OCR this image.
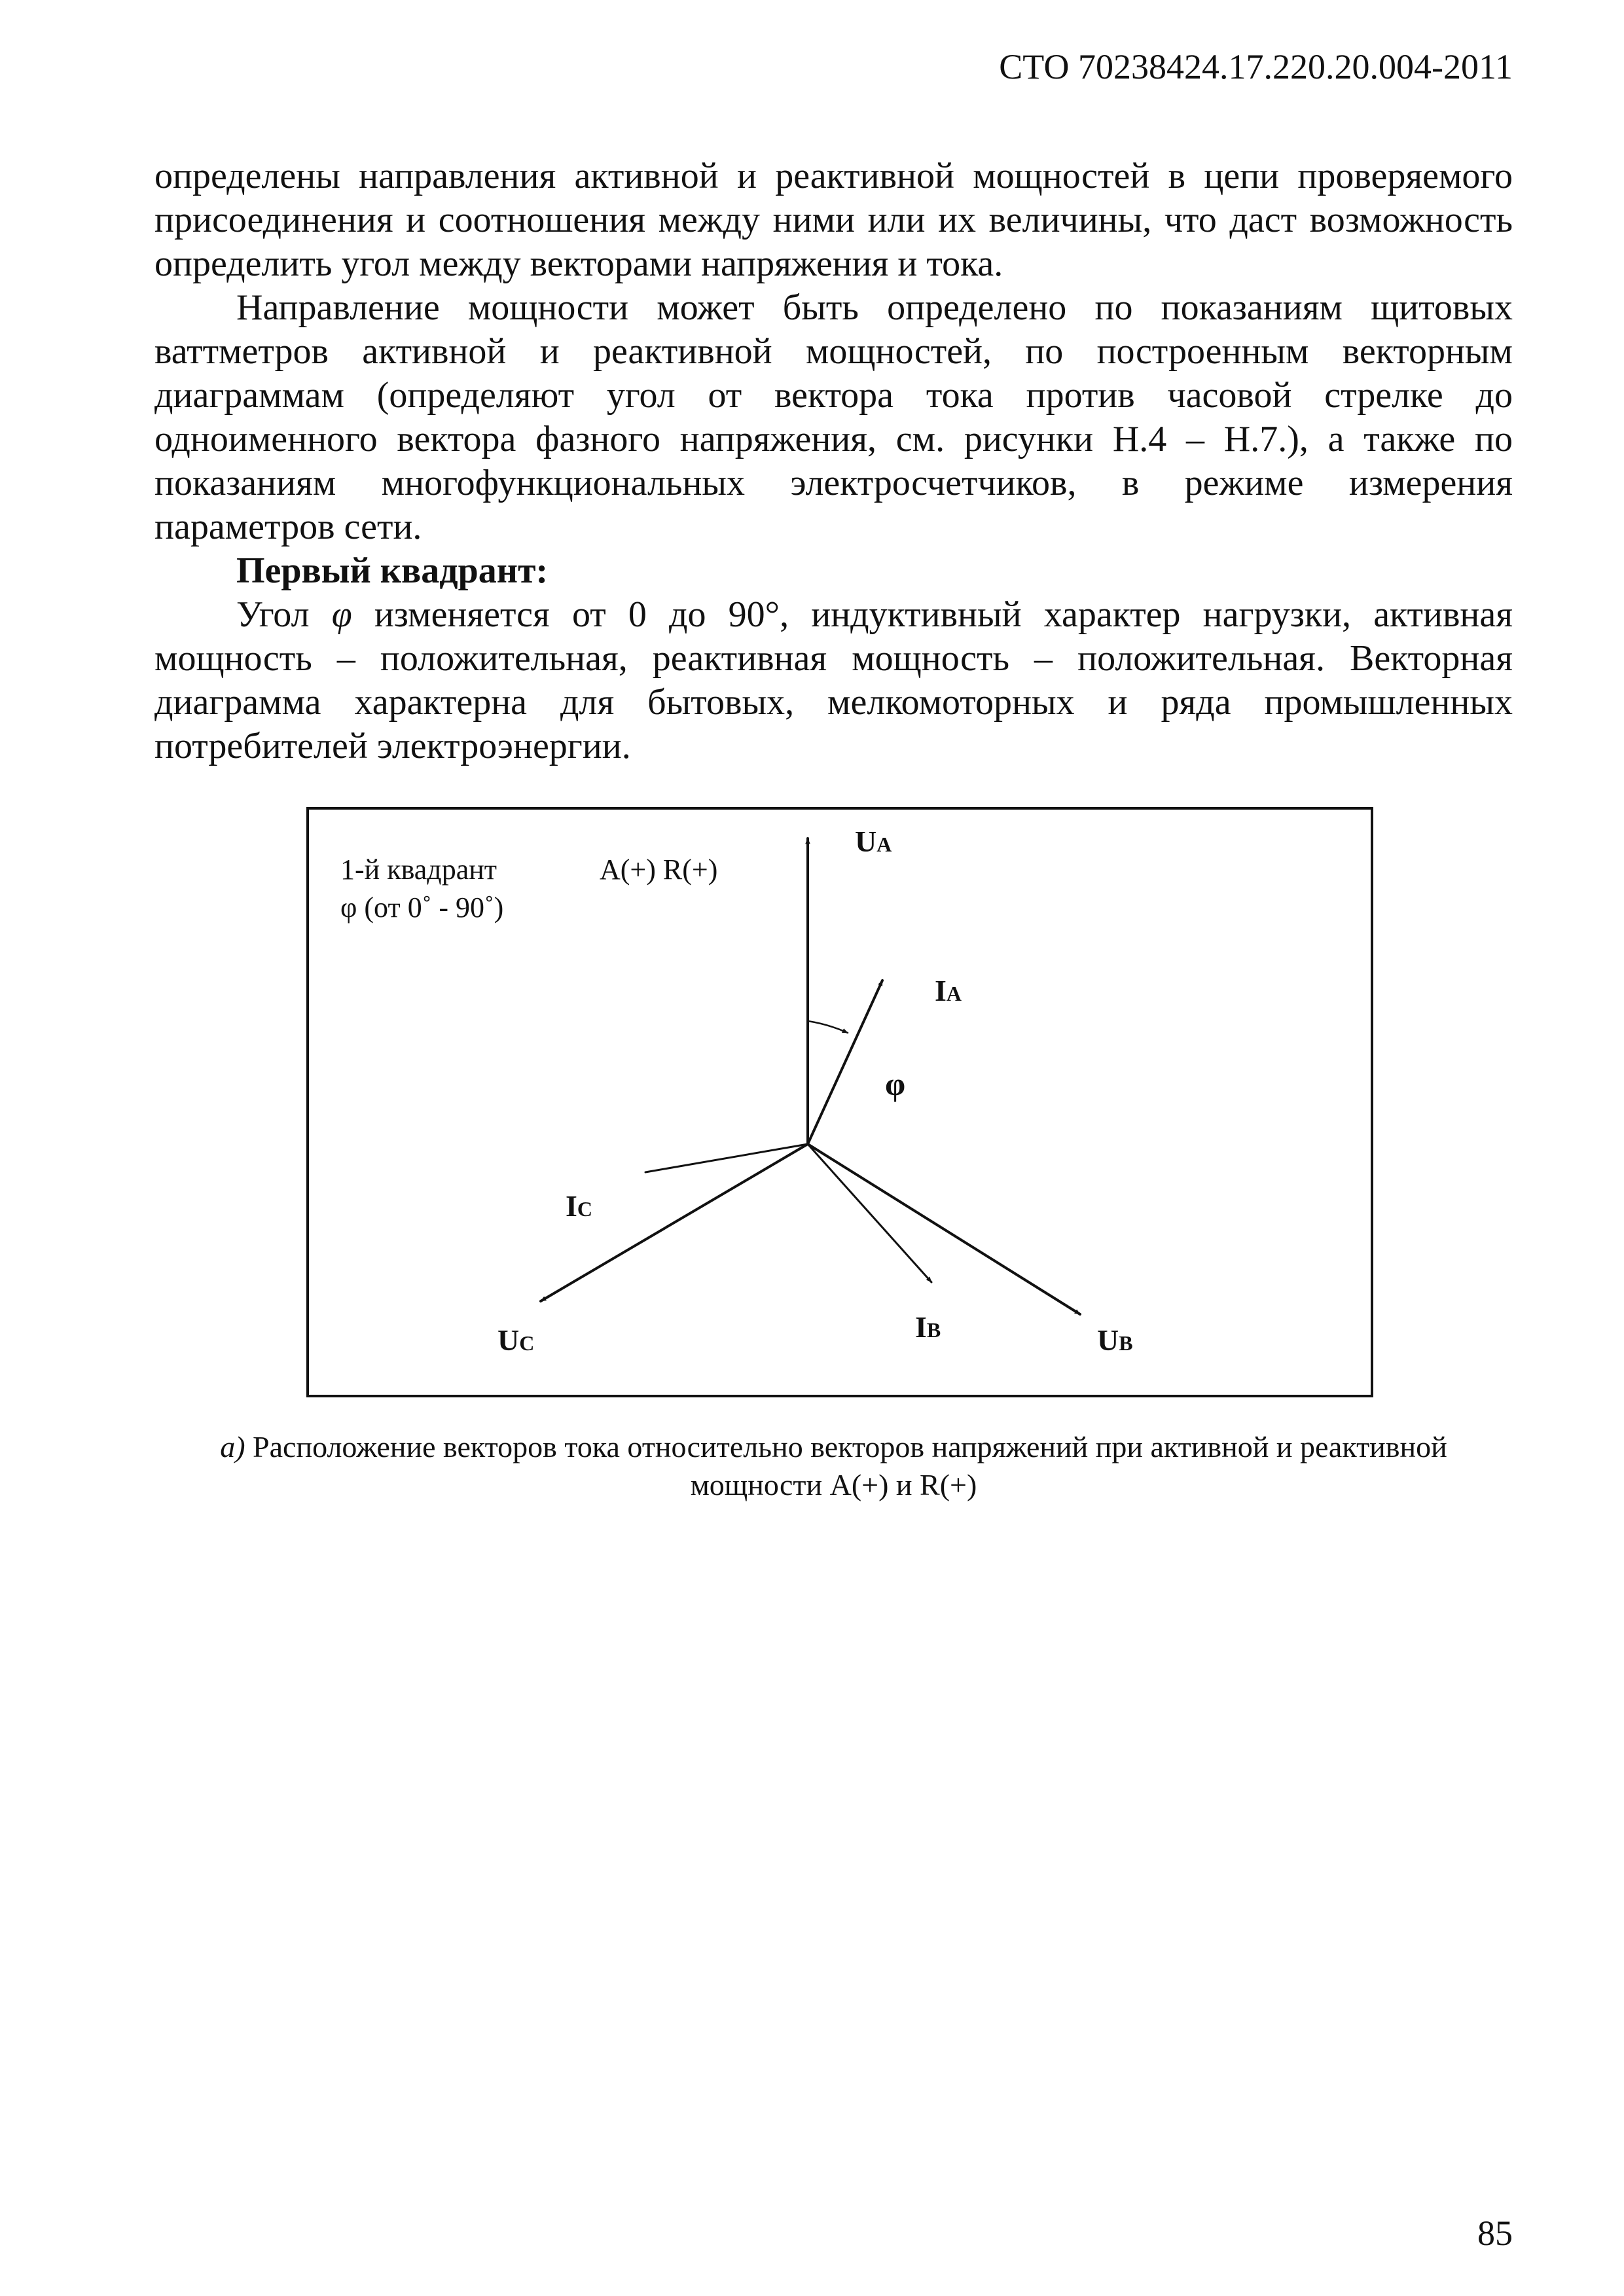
СТО 70238424.17.220.20.004-2011

определены направления активной и реактивной мощностей в цепи проверяемого присоединения и соотношения между ними или их величины, что даст возможность определить угол между векторами напряжения и тока.

Направление мощности может быть определено по показаниям щитовых ваттметров активной и реактивной мощностей, по построенным векторным диаграммам (определяют угол от вектора тока против часовой стрелке до одноименного вектора фазного напряжения, см. рисунки Н.4 – Н.7.), а также по показаниям многофункциональных электросчетчиков, в режиме измерения параметров сети.

Первый квадрант:

Угол φ изменяется от 0 до 90°, индуктивный характер нагрузки, активная мощность – положительная, реактивная мощность – положительная. Векторная диаграмма характерна для бытовых, мелкомоторных и ряда промышленных потребителей электроэнергии.

1-й квадрант
φ (от 0˚ - 90˚)
A(+) R(+)
φ
UA
IA
IC
UC	IB	UB
а) Расположение векторов тока относительно векторов напряжений при активной и реактивной мощности A(+) и R(+)
85
